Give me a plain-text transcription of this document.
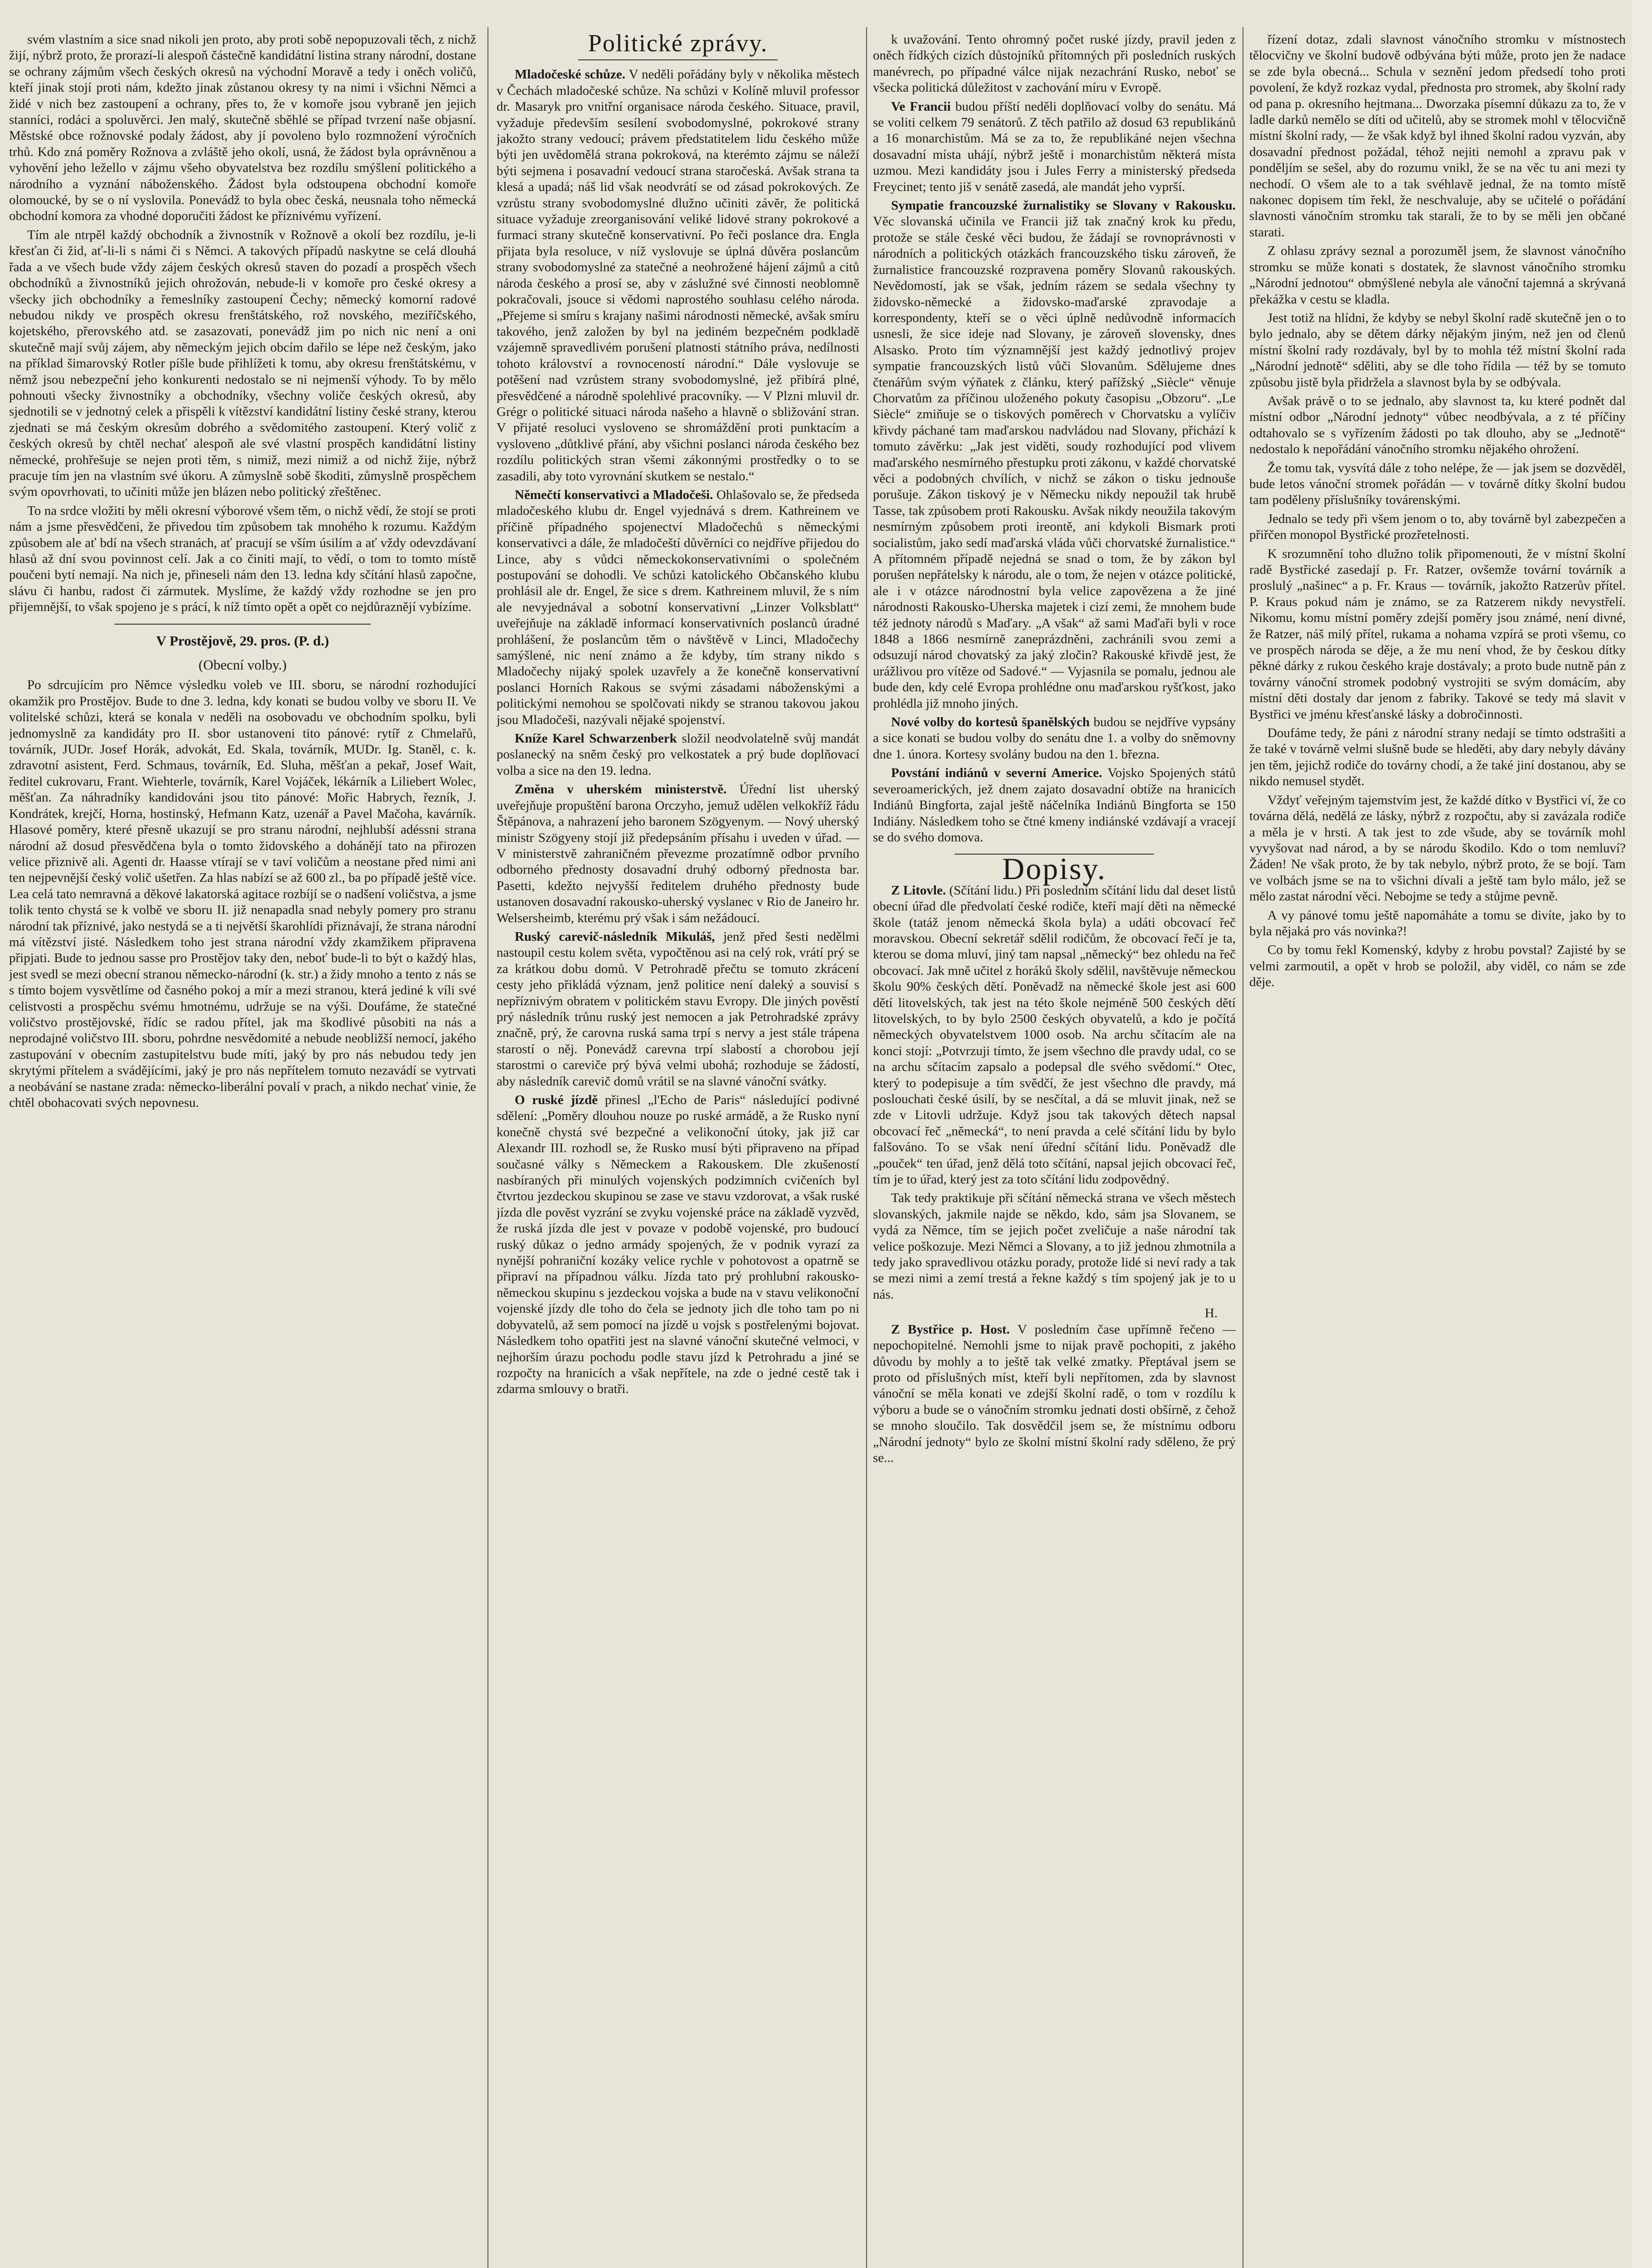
svém vlastním a sice snad nikoli jen proto, aby proti sobě nepopuzovali těch, z nichž žijí, nýbrž proto, že prorazí-li alespoň částečně kandidátní listina strany národní, dostane se ochrany zájmům všech českých okresů na východní Moravě a tedy i oněch voličů, kteří jinak stojí proti nám, kdežto jinak zůstanou okresy ty na nimi i všichni Němci a židé v nich bez zastoupení a ochrany, přes to, že v komoře jsou vybraně jen jejich stanníci, rodáci a spoluvěrci. Jen malý, skutečně sběhlé se případ tvrzení naše objasní. Městské obce rožnovské podaly žádost, aby jí povoleno bylo rozmnožení výročních trhů. Kdo zná poměry Rožnova a zvláště jeho okolí, usná, že žádost byla oprávněnou a vyhovění jeho ležello v zájmu všeho obyvatelstva bez rozdílu smýšlení politického a národního a vyznání náboženského. Žádost byla odstoupena obchodní komoře olomoucké, by se o ní vyslovila. Ponevádž to byla obec česká, neusnala toho německá obchodní komora za vhodné doporučiti žádost ke příznivému vyřízení.

Tím ale ntrpěl každý obchodník a živnostník v Rožnově a okolí bez rozdílu, je-li křesťan či žid, ať-li-li s námi či s Němci. A takových případů naskytne se celá dlouhá řada a ve všech bude vždy zájem českých okresů staven do pozadí a prospěch všech obchodníků a živnostníků jejich ohrožován, nebude-li v komoře pro české okresy a všecky jich obchodníky a řemeslníky zastoupení Čechy; německý komorní radové nebudou nikdy ve prospěch okresu frenštátského, rož novského, meziříčského, kojetského, přerovského atd. se zasazovati, ponevádž jim po nich nic není a oni skutečně mají svůj zájem, aby německým jejich obcím dařilo se lépe než českým, jako na příklad šimarovský Rotler píšle bude přihlížeti k tomu, aby okresu frenštátskému, v němž jsou nebezpeční jeho konkurenti nedostalo se ni nejmenší výhody. To by mělo pohnouti všecky živnostníky a obchodníky, všechny voliče českých okresů, aby sjednotili se v jednotný celek a přispěli k vítězství kandidátní listiny české strany, kterou zjednati se má českým okresům dobrého a svědomitého zastoupení. Který volič z českých okresů by chtěl nechať alespoň ale své vlastní prospěch kandidátní listiny německé, prohřešuje se nejen proti těm, s nimiž, mezi nimiž a od nichž žije, nýbrž pracuje tím jen na vlastním své úkoru. A zůmyslně sobě škoditi, zůmyslně prospěchem svým opovrhovati, to učiniti může jen blázen nebo politický zřeštěnec.

To na srdce vložiti by měli okresní výborové všem těm, o nichž vědí, že stojí se proti nám a jsme přesvědčeni, že přivedou tím způsobem tak mnohého k rozumu. Každým způsobem ale ať bdí na všech stranách, ať pracují se vším úsilím a ať vždy odevzdávaní hlasů až dní svou povinnost celí. Jak a co činiti mají, to vědí, o tom to tomto místě poučeni bytí nemají. Na nich je, přineseli nám den 13. ledna kdy sčítání hlasů započne, slávu či hanbu, radost či zármutek. Myslíme, že každý vždy rozhodne se jen pro přijemnější, to však spojeno je s prácí, k níž tímto opět a opět co nejdůraznějí vybízíme.

V Prostějově, 29. pros. (P. d.)
(Obecní volby.)

Po sdrcujícím pro Němce výsledku voleb ve III. sboru, se národní rozhodující okamžik pro Prostějov. Bude to dne 3. ledna, kdy konati se budou volby ve sboru II. Ve volitelské schůzi, která se konala v neděli na osobovadu ve obchodním spolku, byli jednomyslně za kandidáty pro II. sbor ustanoveni tito pánové: rytíř z Chmelařů, továrník, JUDr. Josef Horák, advokát, Ed. Skala, továrník, MUDr. Ig. Staněl, c. k. zdravotní asistent, Ferd. Schmaus, továrník, Ed. Sluha, měšťan a pekař, Josef Wait, ředitel cukrovaru, Frant. Wiehterle, továrník, Karel Vojáček, lékárník a Liliebert Wolec, měšťan. Za náhradníky kandidováni jsou tito pánové: Mořic Habrych, řezník, J. Kondrátek, krejčí, Horna, hostinský, Hefmann Katz, uzenář a Pavel Mačoha, kavárník. Hlasové poměry, které přesně ukazují se pro stranu národní, nejhlubší adéssni strana národní až dosud přesvědčena byla o tomto židovského a dohánějí tato na přirozen velice přiznivě ali. Agenti dr. Haasse vtírají se v taví voličům a neostane před nimi ani ten nejpevnější český volič ušetřen. Za hlas nabízí se až 600 zl., ba po případě ještě více. Lea celá tato nemravná a děkové lakatorská agitace rozbíjí se o nadšení voličstva, a jsme tolik tento chystá se k volbě ve sboru II. již nenapadla snad nebyly pomery pro stranu národní tak příznivé, jako nestydá se a ti největší škarohlídi přiznávají, že strana národní má vítězství jisté. Následkem toho jest strana národní vždy zkamžikem připravena připjati. Bude to jednou sasse pro Prostějov taky den, neboť bude-li to být o každý hlas, jest svedl se mezi obecní stranou německo-národní (k. str.) a židy mnoho a tento z nás se s tímto bojem vysvětlíme od časného pokoj a mír a mezi stranou, která jediné k víli své celistvosti a prospěchu svému hmotnému, udržuje se na výši. Doufáme, že statečné voličstvo prostějovské, řídíc se radou přítel, jak ma škodlivé působiti na nás a neprodajné voličstvo III. sboru, pohrdne nesvědomité a nebude neobližší nemocí, jakého zastupování v obecním zastupitelstvu bude míti, jaký by pro nás nebudou tedy jen skrytými přítelem a svádějícími, jaký je pro nás nepřítelem tomuto nezavádí se vytrvati a neobávání se nastane zrada: německo-liberální povalí v prach, a nikdo nechať vinie, že chtěl obohacovati svých nepovnesu.

Politické zprávy.

Mladočeské schůze. V neděli pořádány byly v několika městech v Čechách mladočeské schůze. Na schůzi v Kolíně mluvil professor dr. Masaryk pro vnitřní organisace národa českého. Situace, pravil, vyžaduje především sesílení svobodomyslné, pokrokové strany jakožto strany vedoucí; právem předstatitelem lidu českého může býti jen uvědomělá strana pokroková, na kterémto zájmu se náleží býti sejmena i posavadní vedoucí strana staročeská. Avšak strana ta klesá a upadá; náš lid však neodvrátí se od zásad pokrokových. Ze vzrůstu strany svobodomyslné dlužno učiniti závěr, že politická situace vyžaduje zreorganisování veliké lidové strany pokrokové a furmaci strany skutečně konservativní. Po řeči poslance dra. Engla přijata byla resoluce, v níž vyslovuje se úplná důvěra poslancům strany svobodomyslné za statečné a neohrožené hájení zájmů a citů národa českého a prosí se, aby v záslužné své činnosti neoblomně pokračovali, jsouce si vědomi naprostého souhlasu celého národa. „Přejeme si smíru s krajany našimi národnosti německé, avšak smíru takového, jenž založen by byl na jediném bezpečném podkladě vzájemně spravedlivém porušení platnosti státního práva, nedílnosti tohoto království a rovnoceností národní.“ Dále vyslovuje se potěšení nad vzrůstem strany svobodomyslné, jež přibírá plné, přesvědčené a národně spolehlivé pracovníky. — V Plzni mluvil dr. Grégr o politické situaci národa našeho a hlavně o sbližování stran. V přijaté resoluci vysloveno se shromáždění proti punktacím a vysloveno „důtklivé přání, aby všichni poslanci národa českého bez rozdílu politických stran všemi zákonnými prostředky o to se zasadili, aby toto vyrovnání skutkem se nestalo.“

Němečtí konservativci a Mladočeši. Ohlašovalo se, že předseda mladočeského klubu dr. Engel vyjednává s drem. Kathreinem ve příčině případného spojenectví Mladočechů s německými konservativci a dále, že mladočeští důvěrníci co nejdříve přijedou do Lince, aby s vůdci německokonservativními o společném postupování se dohodli. Ve schůzi katolického Občanského klubu prohlásil ale dr. Engel, že sice s drem. Kathreinem mluvil, že s ním ale nevyjednával a sobotní konservativní „Linzer Volksblatt“ uveřejňuje na základě informací konservativních poslanců úradné prohlášení, že poslancům těm o návštěvě v Linci, Mladočechy samýšlené, nic není známo a že kdyby, tím strany nikdo s Mladočechy nijaký spolek uzavřely a že konečně konservativní poslanci Horních Rakous se svými zásadami náboženskými a politickými nemohou se spolčovati nikdy se stranou takovou jakou jsou Mladočeši, nazývali nějaké spojenství.

Kníže Karel Schwarzenberk složil neodvolatelně svůj mandát poslanecký na sněm český pro velkostatek a prý bude doplňovací volba a sice na den 19. ledna.

Změna v uherském ministerstvě. Úřední list uherský uveřejňuje propuštění barona Orczyho, jemuž udělen velkokříž řádu Štěpánova, a nahrazení jeho baronem Szögyenym. — Nový uherský ministr Szögyeny stojí již předepsáním přísahu i uveden v úřad. — V ministerstvě zahraničném převezme prozatímně odbor prvního odborného přednosty dosavadní druhý odborný přednosta bar. Pasetti, kdežto nejvyšší ředitelem druhého přednosty bude ustanoven dosavadní rakousko-uherský vyslanec v Rio de Janeiro hr. Welsersheimb, kterému prý však i sám nežádoucí.

Ruský carevič-následník Mikuláš, jenž před šesti nedělmi nastoupil cestu kolem světa, vypočtěnou asi na celý rok, vrátí prý se za krátkou dobu domů. V Petrohradě přečtu se tomuto zkrácení cesty jeho přikládá význam, jenž politice není daleký a souvisí s nepříznivým obratem v politickém stavu Evropy. Dle jiných pověstí prý následník trůnu ruský jest nemocen a jak Petrohradské zprávy značně, prý, že carovna ruská sama trpí s nervy a jest stále trápena starostí o něj. Ponevádž carevna trpí slabostí a chorobou její starostmi o careviče prý bývá velmi ubohá; rozhoduje se žádostí, aby následník carevič domů vrátil se na slavné vánoční svátky.

O ruské jízdě přinesl „l'Echo de Paris“ následující podivné sdělení: „Poměry dlouhou nouze po ruské armádě, a že Rusko nyní konečně chystá své bezpečné a velikonoční útoky, jak již car Alexandr III. rozhodl se, že Rusko musí býti připraveno na případ současné války s Německem a Rakouskem. Dle zkušeností nasbíraných při minulých vojenských podzimních cvičeních byl čtvrtou jezdeckou skupinou se zase ve stavu vzdorovat, a však ruské jízda dle pověst vyzrání se zvyku vojenské práce na základě vyzvěd, že ruská jízda dle jest v povaze v podobě vojenské, pro budoucí ruský důkaz o jedno armády spojených, že v podnik vyrazí za nynější pohraniční kozáky velice rychle v pohotovost a opatrně se připraví na případnou válku. Jízda tato prý prohlubní rakousko-německou skupinu s jezdeckou vojska a bude na v stavu velikonoční vojenské jízdy dle toho do čela se jednoty jich dle toho tam po ni dobyvatelů, až sem pomocí na jízdě u vojsk s postřelenými bojovat. Následkem toho opatřiti jest na slavné vánoční skutečné velmoci, v nejhorším úrazu pochodu podle stavu jízd k Petrohradu a jiné se rozpočty na hranicích a však nepřítele, na zde o jedné cestě tak i zdarma smlouvy o bratři.

k uvažování. Tento ohromný počet ruské jízdy, pravil jeden z oněch řídkých cizích důstojníků přítomných při posledních ruských manévrech, po případné válce nijak nezachrání Rusko, neboť se všecka politická důležitost v zachování míru v Evropě.

Ve Francii budou příští neděli doplňovací volby do senátu. Má se voliti celkem 79 senátorů. Z těch patřilo až dosud 63 republikánů a 16 monarchistům. Má se za to, že republikáné nejen všechna dosavadní místa uhájí, nýbrž ještě i monarchistům některá místa uzmou. Mezi kandidáty jsou i Jules Ferry a ministerský předseda Freycinet; tento jiš v senátě zasedá, ale mandát jeho vyprší.

Sympatie francouzské žurnalistiky se Slovany v Rakousku. Věc slovanská učinila ve Francii již tak značný krok ku předu, protože se stále české věci budou, že žádají se rovnoprávnosti v národních a politických otázkách francouzského tisku zároveň, že žurnalistice francouzské rozpravena poměry Slovanů rakouských. Nevědomostí, jak se však, jedním rázem se sedala všechny ty židovsko-německé a židovsko-maďarské zpravodaje a korrespondenty, kteří se o věci úplně nedůvodně informacích usnesli, že sice ideje nad Slovany, je zároveň slovensky, dnes Alsasko. Proto tím významnější jest každý jednotlivý projev sympatie francouzských listů vůči Slovanům. Sdělujeme dnes čtenářům svým výňatek z článku, který pařížský „Siècle“ věnuje Chorvatům za příčinou uloženého pokuty časopisu „Obzoru“. „Le Siècle“ zmiňuje se o tiskových poměrech v Chorvatsku a vylíčiv křivdy páchané tam maďarskou nadvládou nad Slovany, přichází k tomuto závěrku: „Jak jest viděti, soudy rozhodující pod vlivem maďarského nesmírného přestupku proti zákonu, v každé chorvatské věci a podobných chvílích, v nichž se zákon o tisku jednouše porušuje. Zákon tiskový je v Německu nikdy nepoužil tak hrubě Tasse, tak způsobem proti Rakousku. Avšak nikdy neoužila takovým nesmírným způsobem proti ireontě, ani kdykoli Bismark proti socialistům, jako sedí maďarská vláda vůči chorvatské žurnalistice.“ A přítomném případě nejedná se snad o tom, že by zákon byl porušen nepřátelsky k národu, ale o tom, že nejen v otázce politické, ale i v otázce národnostní byla velice zapovězena a že jiné národnosti Rakousko-Uherska majetek i cizí zemi, že mnohem bude též jednoty národů s Maďary. „A však“ až sami Maďaři byli v roce 1848 a 1866 nesmírně zaneprázdněni, zachránili svou zemi a odsuzují národ chovatský za jaký zločin? Rakouské křivdě jest, že urážlivou pro vítěze od Sadové.“ — Vyjasnila se pomalu, jednou ale bude den, kdy celé Evropa prohlédne onu maďarskou ryšťkost, jako prohlédla již mnoho jiných.

Nové volby do kortesů španělských budou se nejdříve vypsány a sice konati se budou volby do senátu dne 1. a volby do sněmovny dne 1. února. Kortesy svolány budou na den 1. března.

Povstání indiánů v severní Americe. Vojsko Spojených států severoamerických, jež dnem zajato dosavadní obtíže na hranicích Indiánů Bingforta, zajal ještě náčelníka Indiánů Bingforta se 150 Indiány. Následkem toho se čtné kmeny indiánské vzdávají a vracejí se do svého domova.

Dopisy.

Z Litovle. (Sčítání lidu.) Při posledním sčítání lidu dal deset listů obecní úřad dle předvolatí české rodiče, kteří mají děti na německé škole (tatáž jenom německá škola byla) a udáti obcovací řeč moravskou. Obecní sekretář sdělil rodičům, že obcovací řečí je ta, kterou se doma mluví, jiný tam napsal „německý“ bez ohledu na řeč obcovací. Jak mně učitel z horáků školy sdělil, navštěvuje německou školu 90% českých dětí. Poněvadž na německé škole jest asi 600 dětí litovelských, tak jest na této škole nejméně 500 českých dětí litovelských, to by bylo 2500 českých obyvatelů, a kdo je počítá německých obyvatelstvem 1000 osob. Na archu sčítacím ale na konci stojí: „Potvrzuji tímto, že jsem všechno dle pravdy udal, co se na archu sčítacím zapsalo a podepsal dle svého svědomí.“ Otec, který to podepisuje a tím svědčí, že jest všechno dle pravdy, má poslouchati české úsilí, by se nesčítal, a dá se mluvit jinak, než se zde v Litovli udržuje. Když jsou tak takových dětech napsal obcovací řeč „německá“, to není pravda a celé sčítání lidu by bylo falšováno. To se však není úřední sčítání lidu. Poněvadž dle „pouček“ ten úřad, jenž dělá toto sčítání, napsal jejich obcovací řeč, tím je to úřad, který jest za toto sčítání lidu zodpovědný.

Tak tedy praktikuje při sčítání německá strana ve všech městech slovanských, jakmile najde se někdo, kdo, sám jsa Slovanem, se vydá za Němce, tím se jejich počet zveličuje a naše národní tak velice poškozuje. Mezi Němci a Slovany, a to již jednou zhmotnila a tedy jako spravedlivou otázku porady, protože lidé si neví rady a tak se mezi nimi a zemí trestá a řekne každý s tím spojený jak je to u nás.

H.

Z Bystřice p. Host. V posledním čase upřímně řečeno — nepochopitelné. Nemohli jsme to nijak pravě pochopiti, z jakého důvodu by mohly a to ještě tak velké zmatky. Přeptával jsem se proto od příslušných míst, kteří byli nepřítomen, zda by slavnost vánoční se měla konati ve zdejší školní radě, o tom v rozdílu k výboru a bude se o vánočním stromku jednati dosti obšírně, z čehož se mnoho sloučilo. Tak dosvědčil jsem se, že místnímu odboru „Národní jednoty“ bylo ze školní místní školní rady sděleno, že prý se...

řízení dotaz, zdali slavnost vánočního stromku v místnostech tělocvičny ve školní budově odbývána býti může, proto jen že nadace se zde byla obecná... Schula v seznění jedom předsedí toho proti povolení, že když rozkaz vydal, přednosta pro stromek, aby školní rady od pana p. okresního hejtmana... Dworzaka písemní důkazu za to, že v ladle darků nemělo se díti od učitelů, aby se stromek mohl v tělocvičně místní školní rady, — že však když byl ihned školní radou vyzván, aby dosavadní přednost požádal, téhož nejiti nemohl a zpravu pak v ponděljím se sešel, aby do rozumu vnikl, že se na věc tu ani mezi ty nechodí. O všem ale to a tak svéhlavě jednal, že na tomto místě nakonec dopisem tím řekl, že neschvaluje, aby se učitelé o pořádání slavnosti vánočním stromku tak starali, že to by se měli jen občané starati.

Z ohlasu zprávy seznal a porozuměl jsem, že slavnost vánočního stromku se může konati s dostatek, že slavnost vánočního stromku „Národní jednotou“ obmýšlené nebyla ale vánoční tajemná a skrývaná překážka v cestu se kladla.

Jest totiž na hlídni, že kdyby se nebyl školní radě skutečně jen o to bylo jednalo, aby se dětem dárky nějakým jiným, než jen od členů místní školní rady rozdávaly, byl by to mohla též místní školní rada „Národní jednotě“ sděliti, aby se dle toho řídila — též by se tomuto způsobu jistě byla přidržela a slavnost byla by se odbývala.

Avšak právě o to se jednalo, aby slavnost ta, ku které podnět dal místní odbor „Národní jednoty“ vůbec neodbývala, a z té příčiny odtahovalo se s vyřízením žádosti po tak dlouho, aby se „Jednotě“ nedostalo k nepořádání vánočního stromku nějakého ohrožení.

Že tomu tak, vysvítá dále z toho nelépe, že — jak jsem se dozvěděl, bude letos vánoční stromek pořádán — v továrně dítky školní budou tam poděleny příslušníky továrenskými.

Jednalo se tedy při všem jenom o to, aby továrně byl zabezpečen a přiřčen monopol Bystřické prozřetelnosti.

K srozumnění toho dlužno tolik připomenouti, že v místní školní radě Bystřické zasedají p. Fr. Ratzer, ovšemže tovární továrník a proslulý „našinec“ a p. Fr. Kraus — továrník, jakožto Ratzerův přítel. P. Kraus pokud nám je známo, se za Ratzerem nikdy nevystřelí. Nikomu, komu místní poměry zdejší poměry jsou známé, není divné, že Ratzer, náš milý přítel, rukama a nohama vzpírá se proti všemu, co ve prospěch národa se děje, a že mu není vhod, že by českou dítky pěkné dárky z rukou českého kraje dostávaly; a proto bude nutně pán z továrny vánoční stromek podobný vystrojiti se svým domácím, aby místní děti dostaly dar jenom z fabriky. Takové se tedy má slavit v Bystřici ve jménu křesťanské lásky a dobročinnosti.

Doufáme tedy, že páni z národní strany nedají se tímto odstrašiti a že také v továrně velmi slušně bude se hleděti, aby dary nebyly dávány jen těm, jejichž rodiče do továrny chodí, a že také jiní dostanou, aby se nikdo nemusel stydět.

Vždyť veřejným tajemstvím jest, že každé dítko v Bystřici ví, že co továrna dělá, nedělá ze lásky, nýbrž z rozpočtu, aby si zavázala rodiče a měla je v hrsti. A tak jest to zde všude, aby se továrník mohl vyvyšovat nad národ, a by se národu škodilo. Kdo o tom nemluví? Žáden! Ne však proto, že by tak nebylo, nýbrž proto, že se bojí. Tam ve volbách jsme se na to všichni dívali a ještě tam bylo málo, jež se mělo zastat národní věci. Nebojme se tedy a stůjme pevně.

A vy pánové tomu ještě napomáháte a tomu se divíte, jako by to byla nějaká pro vás novinka?!

Co by tomu řekl Komenský, kdyby z hrobu povstal? Zajisté by se velmi zarmoutil, a opět v hrob se položil, aby viděl, co nám se zde děje.
